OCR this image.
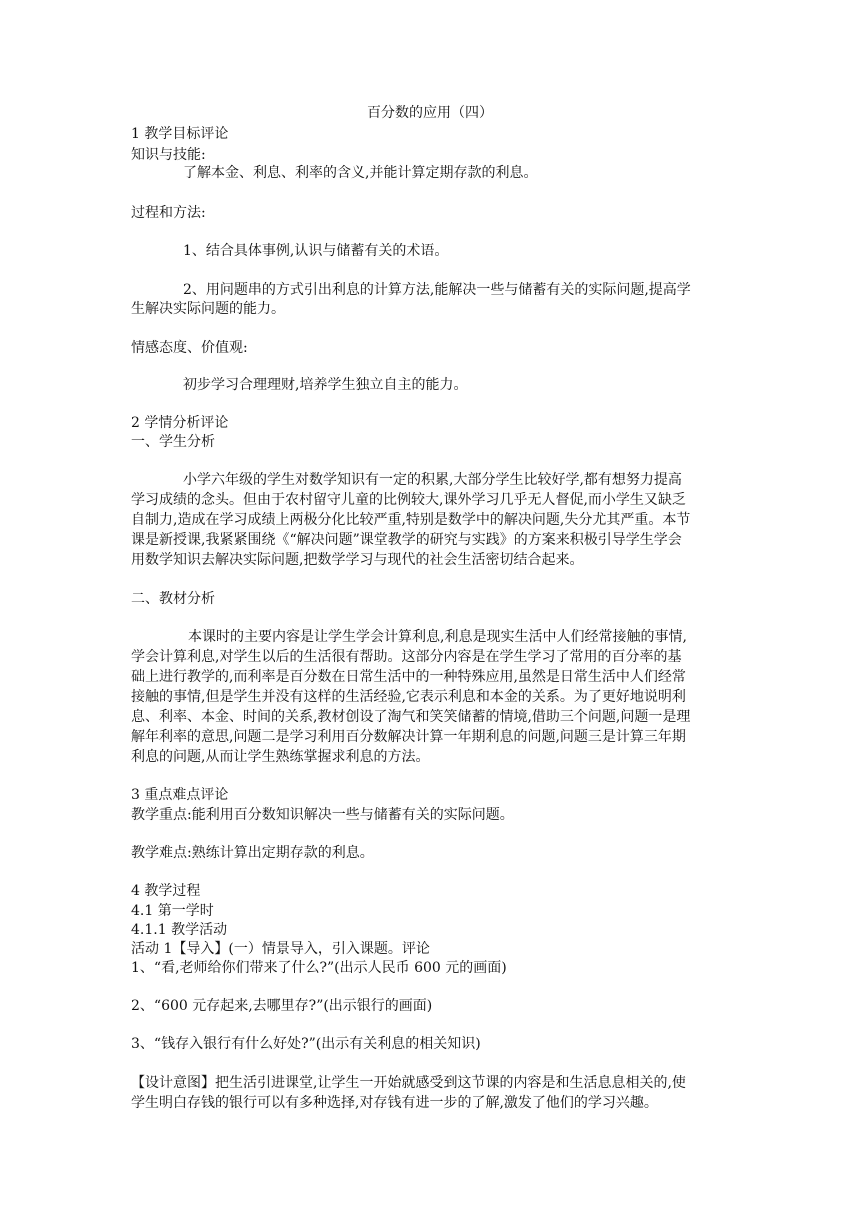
百分数的应用（四）
1 教学目标评论
知识与技能:
了解本金、利息、利率的含义,并能计算定期存款的利息。
过程和方法:
1、结合具体事例,认识与储蓄有关的术语。
2、用问题串的方式引出利息的计算方法,能解决一些与储蓄有关的实际问题,提高学
生解决实际问题的能力。
情感态度、价值观:
初步学习合理理财,培养学生独立自主的能力。
2 学情分析评论
一、学生分析
小学六年级的学生对数学知识有一定的积累,大部分学生比较好学,都有想努力提高
学习成绩的念头。但由于农村留守儿童的比例较大,课外学习几乎无人督促,而小学生又缺乏
自制力,造成在学习成绩上两极分化比较严重,特别是数学中的解决问题,失分尤其严重。本节
课是新授课,我紧紧围绕《“解决问题”课堂教学的研究与实践》的方案来积极引导学生学会
用数学知识去解决实际问题,把数学学习与现代的社会生活密切结合起来。
二、教材分析
本课时的主要内容是让学生学会计算利息,利息是现实生活中人们经常接触的事情,
学会计算利息,对学生以后的生活很有帮助。这部分内容是在学生学习了常用的百分率的基
础上进行教学的,而利率是百分数在日常生活中的一种特殊应用,虽然是日常生活中人们经常
接触的事情,但是学生并没有这样的生活经验,它表示利息和本金的关系。为了更好地说明利
息、利率、本金、时间的关系,教材创设了淘气和笑笑储蓄的情境,借助三个问题,问题一是理
解年利率的意思,问题二是学习利用百分数解决计算一年期利息的问题,问题三是计算三年期
利息的问题,从而让学生熟练掌握求利息的方法。
3 重点难点评论
教学重点:能利用百分数知识解决一些与储蓄有关的实际问题。
教学难点:熟练计算出定期存款的利息。
4 教学过程
4.1 第一学时
4.1.1 教学活动
活动 1【导入】(一）情景导入，引入课题。评论
1、“看,老师给你们带来了什么?”(出示人民币 600 元的画面)
2、“600 元存起来,去哪里存?”(出示银行的画面)
3、“钱存入银行有什么好处?”(出示有关利息的相关知识)
【设计意图】把生活引进课堂,让学生一开始就感受到这节课的内容是和生活息息相关的,使
学生明白存钱的银行可以有多种选择,对存钱有进一步的了解,激发了他们的学习兴趣。
